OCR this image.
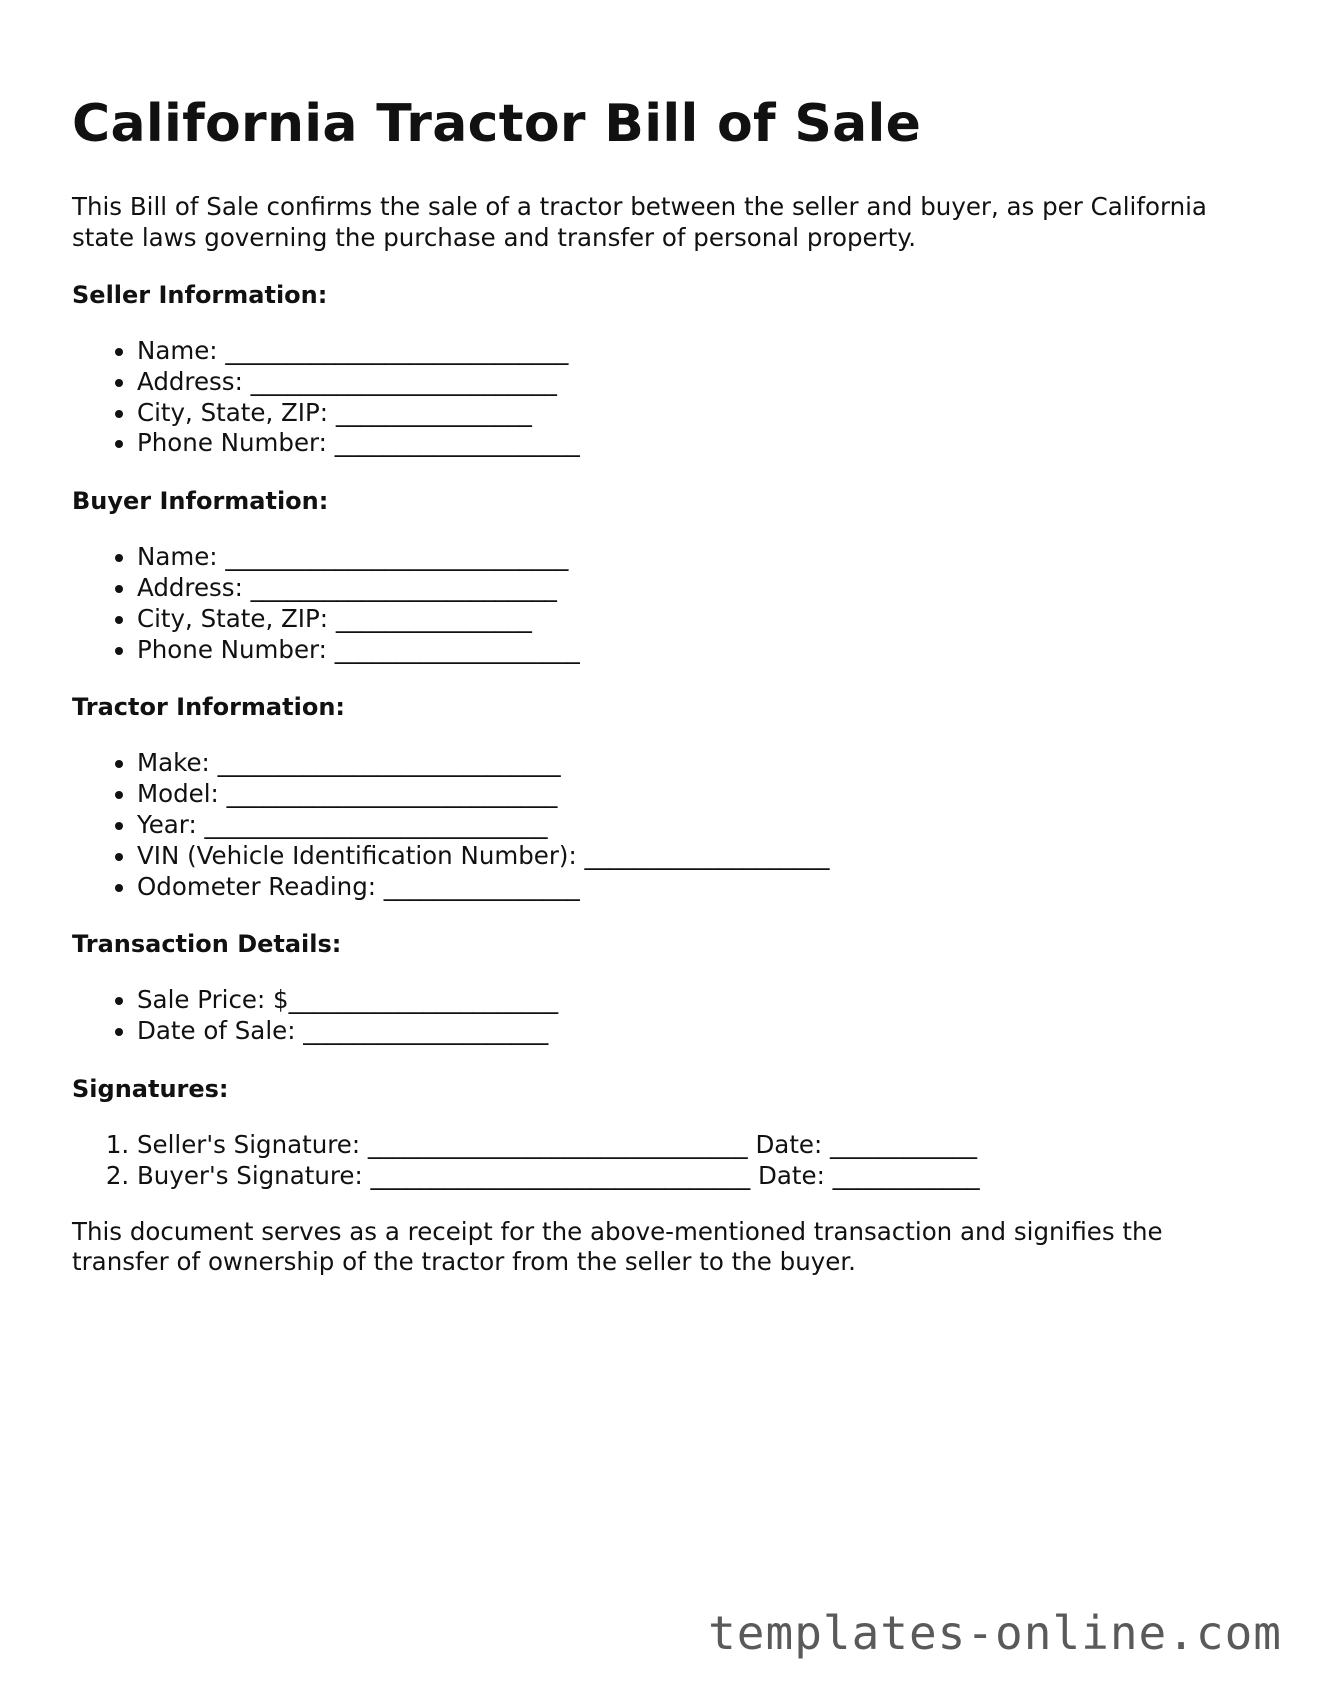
California Tractor Bill of Sale

This Bill of Sale confirms the sale of a tractor between the seller and buyer, as per California state laws governing the purchase and transfer of personal property.

Seller Information:
• Name: ____________________________
• Address: _________________________
• City, State, ZIP: ________________
• Phone Number: ____________________
Buyer Information:
• Name: ____________________________
• Address: _________________________
• City, State, ZIP: ________________
• Phone Number: ____________________
Tractor Information:
• Make: ____________________________
• Model: ___________________________
• Year: ____________________________
• VIN (Vehicle Identification Number): ____________________
• Odometer Reading: ________________
Transaction Details:
• Sale Price: $______________________
• Date of Sale: ____________________
Signatures:
1. Seller's Signature: _______________________________ Date: ____________
2. Buyer's Signature: _______________________________ Date: ____________

This document serves as a receipt for the above-mentioned transaction and signifies the transfer of ownership of the tractor from the seller to the buyer.

templates-online.com
